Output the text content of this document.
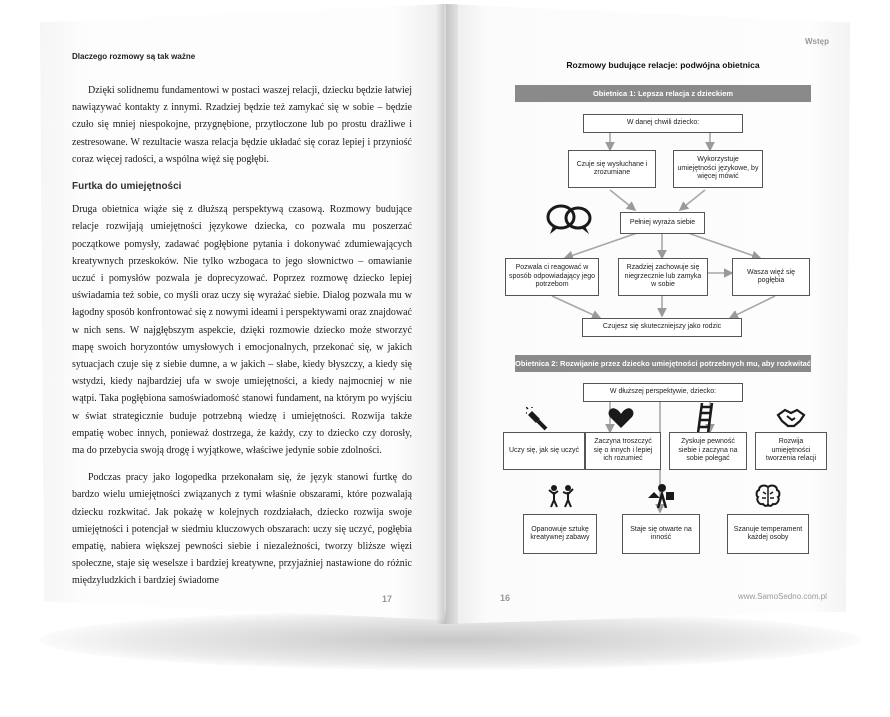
Dlaczego rozmowy są tak ważne

Dzięki solidnemu fundamentowi w postaci waszej relacji, dziecku będzie łatwiej nawiązywać kontakty z innymi. Rzadziej będzie też zamykać się w sobie – będzie czuło się mniej niespokojne, przygnębione, przytłoczone lub po prostu drażliwe i zestresowane. W rezultacie wasza relacja będzie układać się coraz lepiej i przyniość coraz więcej radości, a wspólna więź się pogłębi.

Furtka do umiejętności

Druga obietnica wiąże się z dłuższą perspektywą czasową. Rozmowy budujące relacje rozwijają umiejętności językowe dziecka, co pozwala mu poszerzać początkowe pomysły, zadawać pogłębione pytania i dokonywać zdumiewających kreatywnych przeskoków. Nie tylko wzbogaca to jego słownictwo – omawianie uczuć i pomysłów pozwala je doprecyzować. Poprzez rozmowę dziecko lepiej uświadamia też sobie, co myśli oraz uczy się wyrażać siebie. Dialog pozwala mu w łagodny sposób konfrontować się z nowymi ideami i perspektywami oraz znajdować w nich sens. W najgłębszym aspekcie, dzięki rozmowie dziecko może stworzyć mapę swoich horyzontów umysłowych i emocjonalnych, przekonać się, w jakich sytuacjach czuje się z siebie dumne, a w jakich – słabe, kiedy błyszczy, a kiedy się wstydzi, kiedy najbardziej ufa w swoje umiejętności, a kiedy najmocniej w nie wątpi. Taka pogłębiona samoświadomość stanowi fundament, na którym po wyjściu w świat strategicznie buduje potrzebną wiedzę i umiejętności. Rozwija także empatię wobec innych, ponieważ dostrzega, że każdy, czy to dziecko czy dorosły, ma do przebycia swoją drogę i wyjątkowe, właściwe jedynie sobie zdolności.

Podczas pracy jako logopedka przekonałam się, że język stanowi furtkę do bardzo wielu umiejętności związanych z tymi właśnie obszarami, które pozwalają dziecku rozkwitać. Jak pokażę w kolejnych rozdziałach, dziecko rozwija swoje umiejętności i potencjał w siedmiu kluczowych obszarach: uczy się uczyć, pogłębia empatię, nabiera większej pewności siebie i niezależności, tworzy bliższe więzi społeczne, staje się weselsze i bardziej kreatywne, przyjaźniej nastawione do różnic międzyludzkich i bardziej świadome

17
Wstęp
Rozmowy budujące relacje: podwójna obietnica
Obietnica 1: Lepsza relacja z dzieckiem
W danej chwili dziecko:
Czuje się wysłuchane i zrozumiane
Wykorzystuje umiejętności językowe, by więcej mówić
Pełniej wyraża siebie
Pozwala ci reagować w sposób odpowiadający jego potrzebom
Rzadziej zachowuje się niegrzecznie lub zamyka w sobie
Wasza więź się pogłębia
Czujesz się skuteczniejszy jako rodzic
Obietnica 2: Rozwijanie przez dziecko umiejętności potrzebnych mu, aby rozkwitać
W dłuższej perspektywie, dziecko:
Uczy się, jak się uczyć
Zaczyna troszczyć się o innych i lepiej ich rozumieć
Zyskuje pewność siebie i zaczyna na sobie polegać
Rozwija umiejętności tworzenia relacji
Opanowuje sztukę kreatywnej zabawy
Staje się otwarte na inność
Szanuje temperament każdej osoby
16	www.SamoSedno.com.pl
